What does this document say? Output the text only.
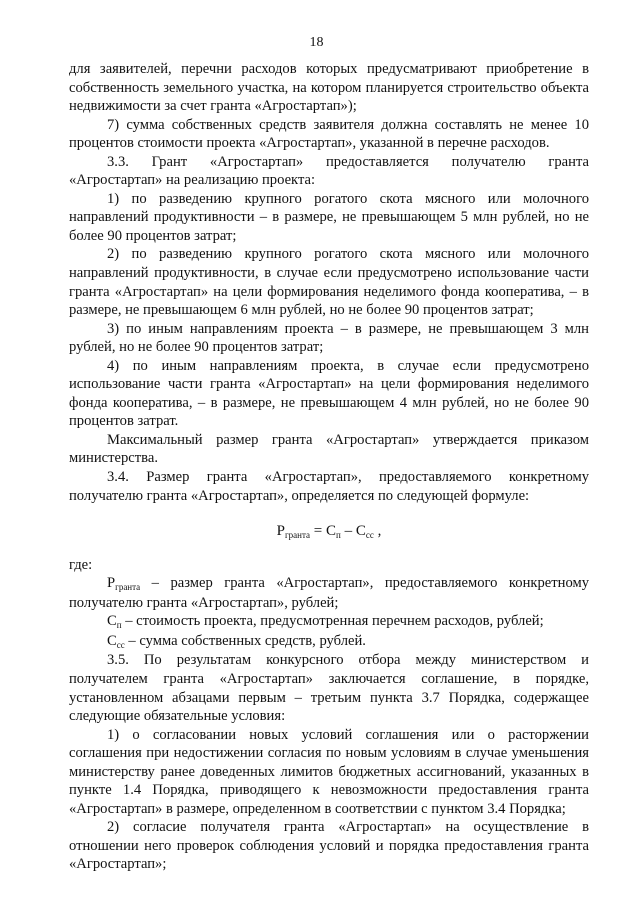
18

для заявителей, перечни расходов которых предусматривают приобретение в собственность земельного участка, на котором планируется строительство объекта недвижимости за счет гранта «Агростартап»);

7) сумма собственных средств заявителя должна составлять не менее 10 процентов стоимости проекта «Агростартап», указанной в перечне расходов.

3.3. Грант «Агростартап» предоставляется получателю гранта «Агростартап» на реализацию проекта:

1) по разведению крупного рогатого скота мясного или молочного направлений продуктивности – в размере, не превышающем 5 млн рублей, но не более 90 процентов затрат;

2) по разведению крупного рогатого скота мясного или молочного направлений продуктивности, в случае если предусмотрено использование части гранта «Агростартап» на цели формирования неделимого фонда кооператива, – в размере, не превышающем 6 млн рублей, но не более 90 процентов затрат;

3) по иным направлениям проекта – в размере, не превышающем 3 млн рублей, но не более 90 процентов затрат;

4) по иным направлениям проекта, в случае если предусмотрено использование части гранта «Агростартап» на цели формирования неделимого фонда кооператива, – в размере, не превышающем 4 млн рублей, но не более 90 процентов затрат.

Максимальный размер гранта «Агростартап» утверждается приказом министерства.

3.4. Размер гранта «Агростартап», предоставляемого конкретному получателю гранта «Агростартап», определяется по следующей формуле:

$Р_{гранта} = С_п - С_{сс}$ ,

где:

$Р_{гранта}$ – размер гранта «Агростартап», предоставляемого конкретному получателю гранта «Агростартап», рублей;

$С_п$ – стоимость проекта, предусмотренная перечнем расходов, рублей;

$С_{сс}$ – сумма собственных средств, рублей.

3.5. По результатам конкурсного отбора между министерством и получателем гранта «Агростартап» заключается соглашение, в порядке, установленном абзацами первым – третьим пункта 3.7 Порядка, содержащее следующие обязательные условия:

1) о согласовании новых условий соглашения или о расторжении соглашения при недостижении согласия по новым условиям в случае уменьшения министерству ранее доведенных лимитов бюджетных ассигнований, указанных в пункте 1.4 Порядка, приводящего к невозможности предоставления гранта «Агростартап» в размере, определенном в соответствии с пунктом 3.4 Порядка;

2) согласие получателя гранта «Агростартап» на осуществление в отношении него проверок соблюдения условий и порядка предоставления гранта «Агростартап»;
